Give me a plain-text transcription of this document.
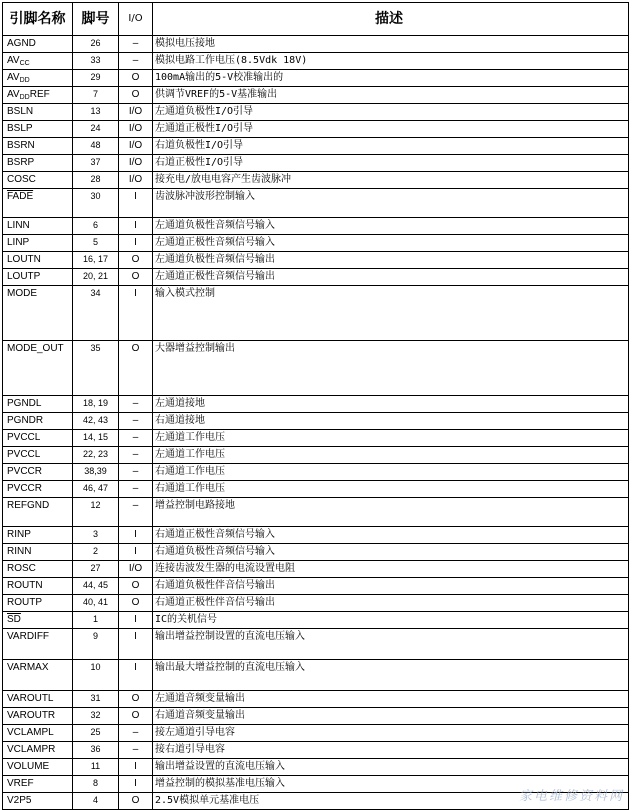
引脚名称	脚号	I/O	描述
AGND	26	–	模拟电压接地
$AV_{CC}$	33	–	模拟电路工作电压(8.5Vdk 18V)
$AV_{DD}$	29	O	100mA输出的5-V校准输出的
$AV_{DD}REF$	7	O	供调节VREF的5-V基准输出
BSLN	13	I/O	左通道负极性I/O引导
BSLP	24	I/O	左通道正极性I/O引导
BSRN	48	I/O	右道负极性I/O引导
BSRP	37	I/O	右道正极性I/O引导
COSC	28	I/O	接充电/放电电容产生齿波脉冲
FADE	30	I	齿波脉冲波形控制输入
LINN	6	I	左通道负极性音频信号输入
LINP	5	I	左通道正极性音频信号输入
LOUTN	16, 17	O	左通道负极性音频信号输出
LOUTP	20, 21	O	左通道正极性音频信号输出
MODE	34	I	输入模式控制
MODE_OUT	35	O	大器增益控制输出
PGNDL	18, 19	–	左通道接地
PGNDR	42, 43	–	右通道接地
PVCCL	14, 15	–	左通道工作电压
PVCCL	22, 23	–	左通道工作电压
PVCCR	38,39	–	右通道工作电压
PVCCR	46, 47	–	右通道工作电压
REFGND	12	–	增益控制电路接地
RINP	3	I	右通道正极性音频信号输入
RINN	2	I	右通道负极性音频信号输入
ROSC	27	I/O	连接齿波发生器的电流设置电阻
ROUTN	44, 45	O	右通道负极性伴音信号输出
ROUTP	40, 41	O	右通道正极性伴音信号输出
$\overline{SD}$	1	I	IC的关机信号
VARDIFF	9	I	输出增益控制设置的直流电压输入
VARMAX	10	I	输出最大增益控制的直流电压输入
VAROUTL	31	O	左通道音频变量输出
VAROUTR	32	O	右通道音频变量输出
VCLAMPL	25	–	接左通道引导电容
VCLAMPR	36	–	接右道引导电容
VOLUME	11	I	输出增益设置的直流电压输入
VREF	8	I	增益控制的模拟基准电压输入
V2P5	4	O	2.5V模拟单元基准电压	家电维修资料网
